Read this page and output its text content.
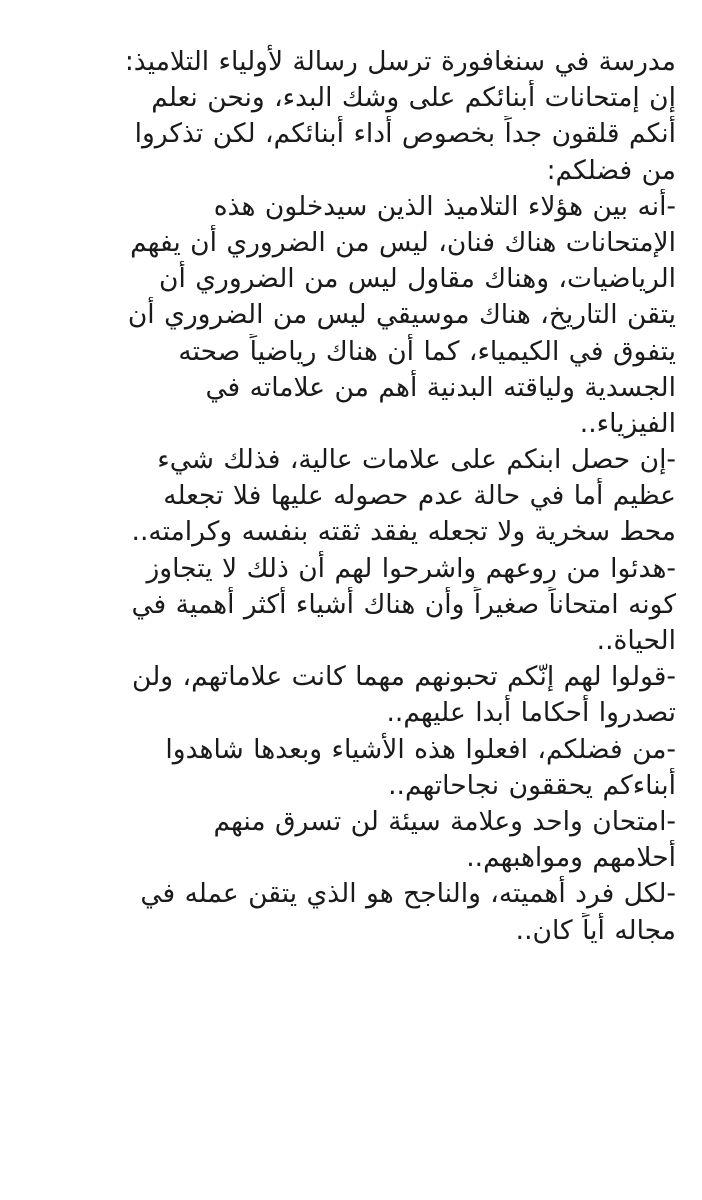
مدرسة في سنغافورة ترسل رسالة لأولياء التلاميذ:
إن إمتحانات أبنائكم على وشك البدء، ونحن نعلم
أنكم قلقون جداً بخصوص أداء أبنائكم، لكن تذكروا
من فضلكم:
-أنه بين هؤلاء التلاميذ الذين سيدخلون هذه
الإمتحانات هناك فنان، ليس من الضروري أن يفهم
الرياضيات، وهناك مقاول ليس من الضروري أن
يتقن التاريخ، هناك موسيقي ليس من الضروري أن
يتفوق في الكيمياء، كما أن هناك رياضياً صحته
الجسدية ولياقته البدنية أهم من علاماته في
الفيزياء..
-إن حصل ابنكم على علامات عالية، فذلك شيء
عظيم أما في حالة عدم حصوله عليها فلا تجعله
محط سخرية ولا تجعله يفقد ثقته بنفسه وكرامته..
-هدئوا من روعهم واشرحوا لهم أن ذلك لا يتجاوز
كونه امتحاناً صغيراً وأن هناك أشياء أكثر أهمية في
الحياة..
-قولوا لهم إنّكم تحبونهم مهما كانت علاماتهم، ولن
تصدروا أحكاما أبدا عليهم..
-من فضلكم، افعلوا هذه الأشياء وبعدها شاهدوا
أبناءكم يحققون نجاحاتهم..
-امتحان واحد وعلامة سيئة لن تسرق منهم
أحلامهم ومواهبهم..
-لكل فرد أهميته، والناجح هو الذي يتقن عمله في
مجاله أياً كان..
